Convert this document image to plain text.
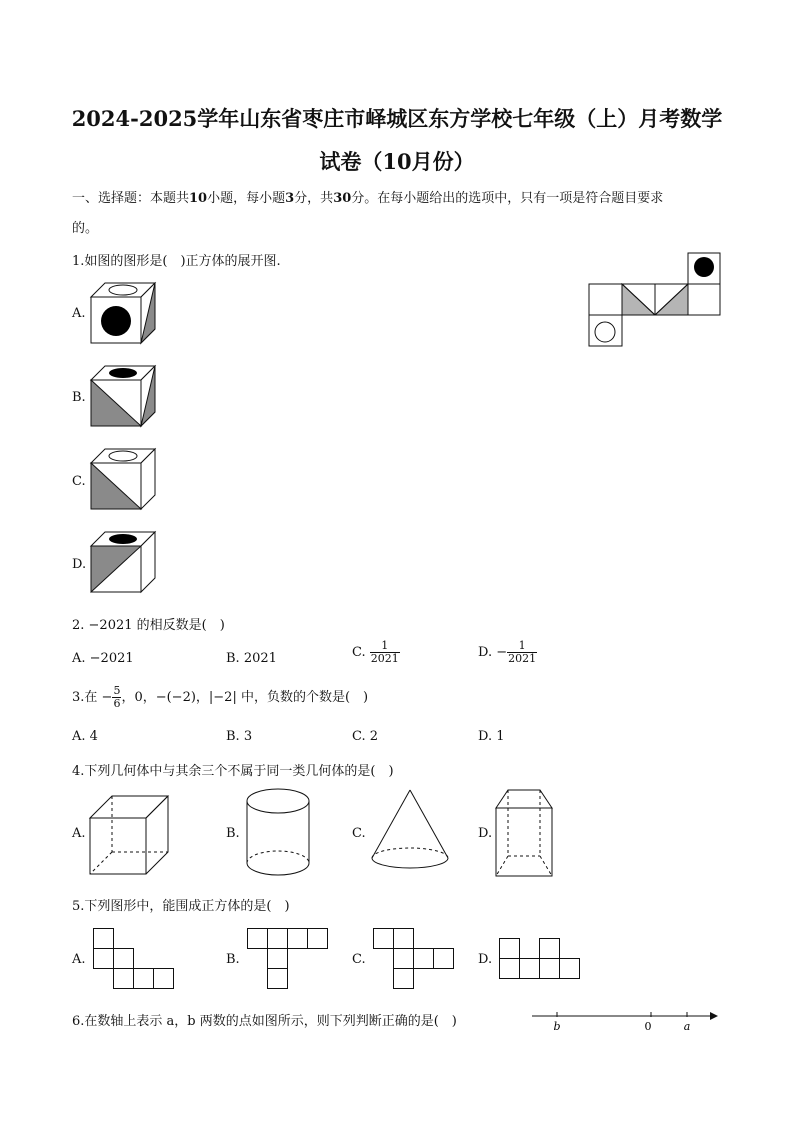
2024-2025学年山东省枣庄市峄城区东方学校七年级（上）月考数学
试卷（10月份）
一、选择题：本题共10小题，每小题3分，共30分。在每小题给出的选项中，只有一项是符合题目要求
的。
1.如图的图形是(　)正方体的展开图.
A.
B.
C.
D.
2. −2021 的相反数是(　)
A. −2021	B. 2021	C. $\frac{1}{2021}$	D. − $\frac{1}{2021}$
3.在 − $\frac{5}{6}$ ，0，−(−2)，|−2| 中，负数的个数是(　)
A. 4	B. 3	C. 2	D. 1
4.下列几何体中与其余三个不属于同一类几何体的是(　)
A.	B.	C.	D.
5.下列图形中，能围成正方体的是(　)
A.	B.	C.	D.
6.在数轴上表示 a，b 两数的点如图所示，则下列判断正确的是(　)	b	0	a
